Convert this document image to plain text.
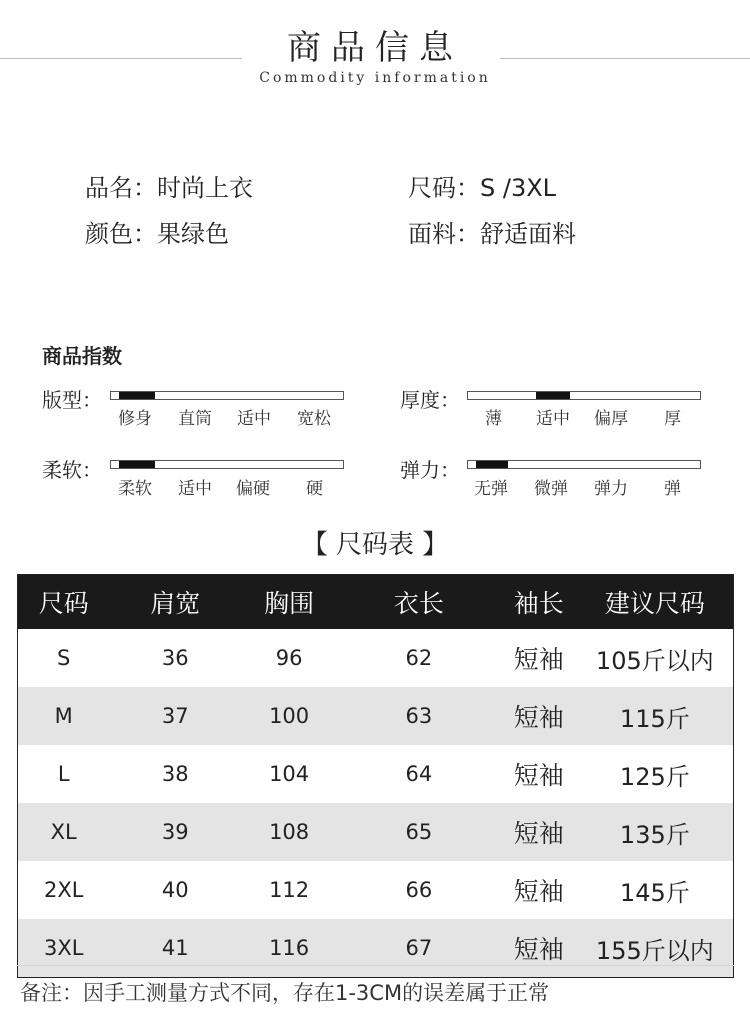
商品信息
Commodity information
品名：时尚上衣	尺码：S /3XL
颜色：果绿色	面料：舒适面料
商品指数
版型：
修身 直筒 适中 宽松
厚度：
薄 适中 偏厚 厚
柔软：
柔软 适中 偏硬 硬
弹力：
无弹 微弹 弹力 弹
【 尺码表 】
尺码	肩宽	胸围	衣长	袖长	建议尺码
S	36	96	62	短袖	105斤以内
M	37	100	63	短袖	115斤
L	38	104	64	短袖	125斤
XL	39	108	65	短袖	135斤
2XL	40	112	66	短袖	145斤
3XL	41	116	67	短袖	155斤以内
备注：因手工测量方式不同，存在1-3CM的误差属于正常
